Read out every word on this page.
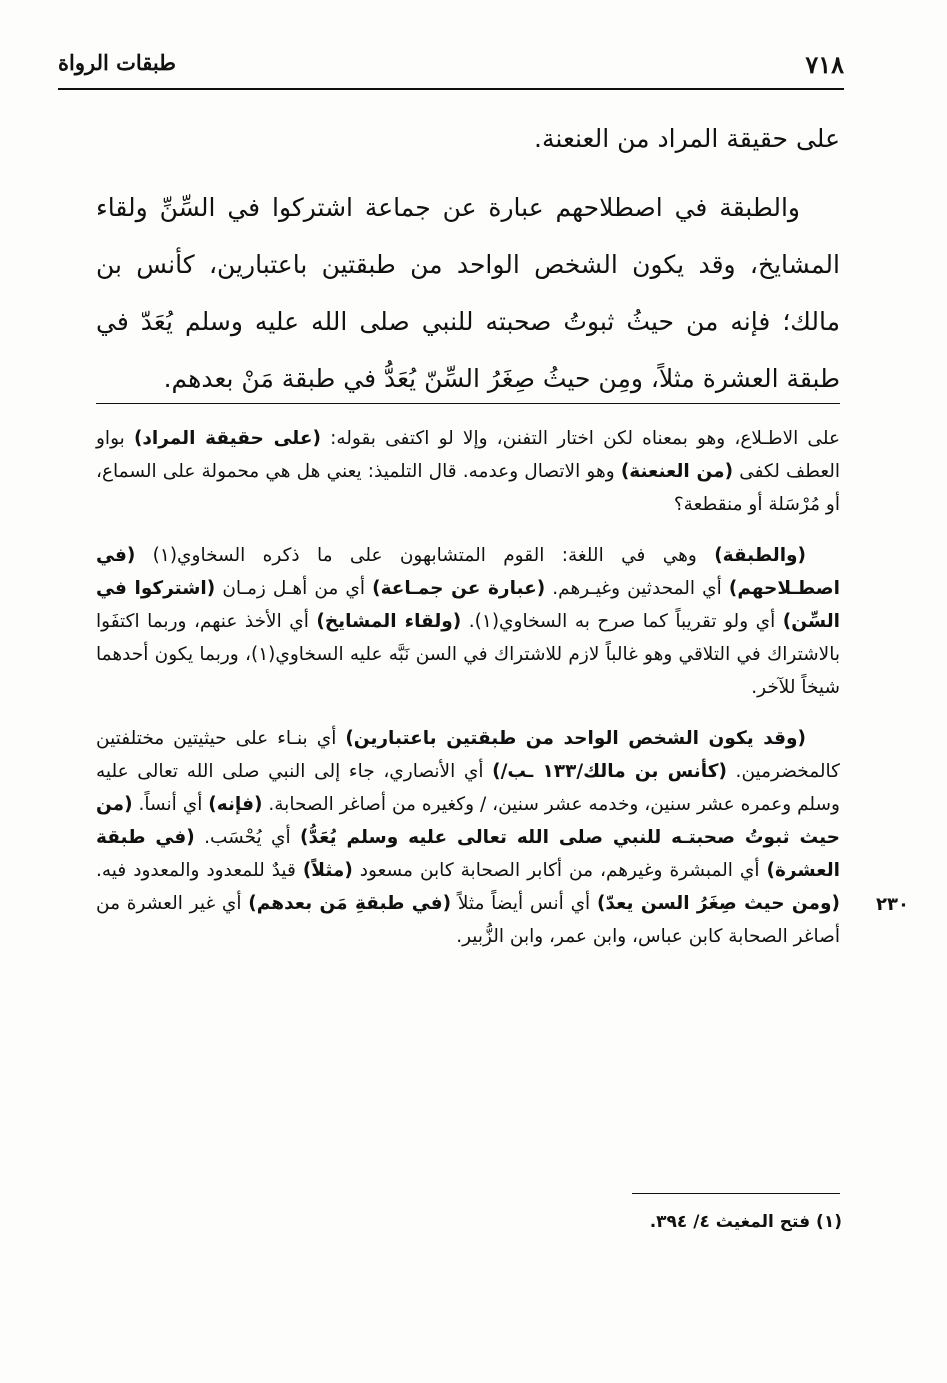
٧١٨
طبقات الرواة

على حقيقة المراد من العنعنة.

والطبقة في اصطلاحهم عبارة عن جماعة اشتركوا في السِّنِّ ولقاء المشايخ، وقد يكون الشخص الواحد من طبقتين باعتبارين، كأنس بن مالك؛ فإنه من حيثُ ثبوتُ صحبته للنبي صلى الله عليه وسلم يُعَدّ في طبقة العشرة مثلاً، ومِن حيثُ صِغَرُ السِّنّ يُعَدُّ في طبقة مَنْ بعدهم.

على الاطـلاع، وهو بمعناه لكن اختار التفنن، وإلا لو اكتفى بقوله: (على حقيقة المراد) بواو العطف لكفى (من العنعنة) وهو الاتصال وعدمه. قال التلميذ: يعني هل هي محمولة على السماع، أو مُرْسَلة أو منقطعة؟

(والطبقة) وهي في اللغة: القوم المتشابهون على ما ذكره السخاوي(١) (في اصطـلاحهم) أي المحدثين وغيـرهم. (عبارة عن جمـاعة) أي من أهـل زمـان (اشتركوا في السِّن) أي ولو تقريباً كما صرح به السخاوي(١). (ولقاء المشايخ) أي الأخذ عنهم، وربما اكتفَوا بالاشتراك في التلاقي وهو غالباً لازم للاشتراك في السن نَبَّه عليه السخاوي(١)، وربما يكون أحدهما شيخاً للآخر.

(وقد يكون الشخص الواحد من طبقتين باعتبارين) أي بنـاء على حيثيتين مختلفتين كالمخضرمين. (كأنس بن مالك/١٣٣ ـب/) أي الأنصاري، جاء إلى النبي صلى الله تعالى عليه وسلم وعمره عشر سنين، وخدمه عشر سنين، / وكغيره من أصاغر الصحابة. (فإنه) أي أنساً. (من حيث ثبوتُ صحبتـه للنبي صلى الله تعالى عليه وسلم يُعَدُّ) أي يُحْسَب. (في طبقة العشرة) أي المبشرة وغيرهم، من أكابر الصحابة كابن مسعود (مثلاً) قيدٌ للمعدود والمعدود فيه. (ومن حيث صِغَرُ السن يعدّ) أي أنس أيضاً مثلاً (في طبقةِ مَن بعدهم) أي غير العشرة من أصاغر الصحابة كابن عباس، وابن عمر، وابن الزُّبير.

٢٣٠
(١) فتح المغيث ٤/ ٣٩٤.
